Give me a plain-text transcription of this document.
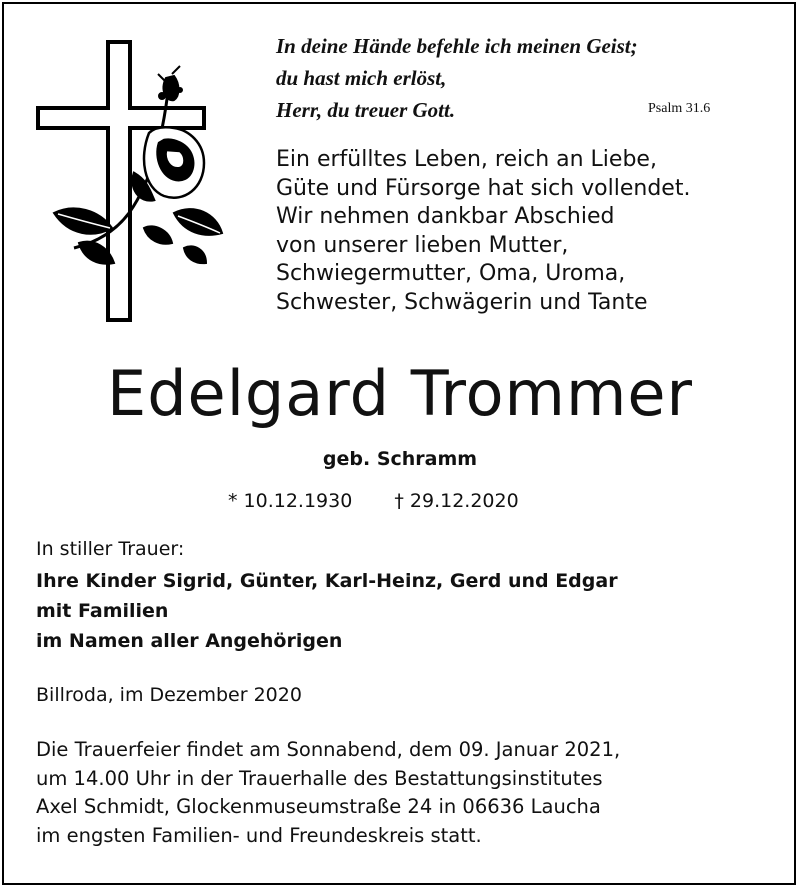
In deine Hände befehle ich meinen Geist;
du hast mich erlöst,
Herr, du treuer Gott.	Psalm 31.6
Ein erfülltes Leben, reich an Liebe,
Güte und Fürsorge hat sich vollendet.
Wir nehmen dankbar Abschied
von unserer lieben Mutter,
Schwiegermutter, Oma, Uroma,
Schwester, Schwägerin und Tante
Edelgard Trommer
geb. Schramm
* 10.12.1930 † 29.12.2020
In stiller Trauer:
Ihre Kinder Sigrid, Günter, Karl-Heinz, Gerd und Edgar
mit Familien
im Namen aller Angehörigen
Billroda, im Dezember 2020
Die Trauerfeier findet am Sonnabend, dem 09. Januar 2021,
um 14.00 Uhr in der Trauerhalle des Bestattungsinstitutes
Axel Schmidt, Glockenmuseumstraße 24 in 06636 Laucha
im engsten Familien- und Freundeskreis statt.
